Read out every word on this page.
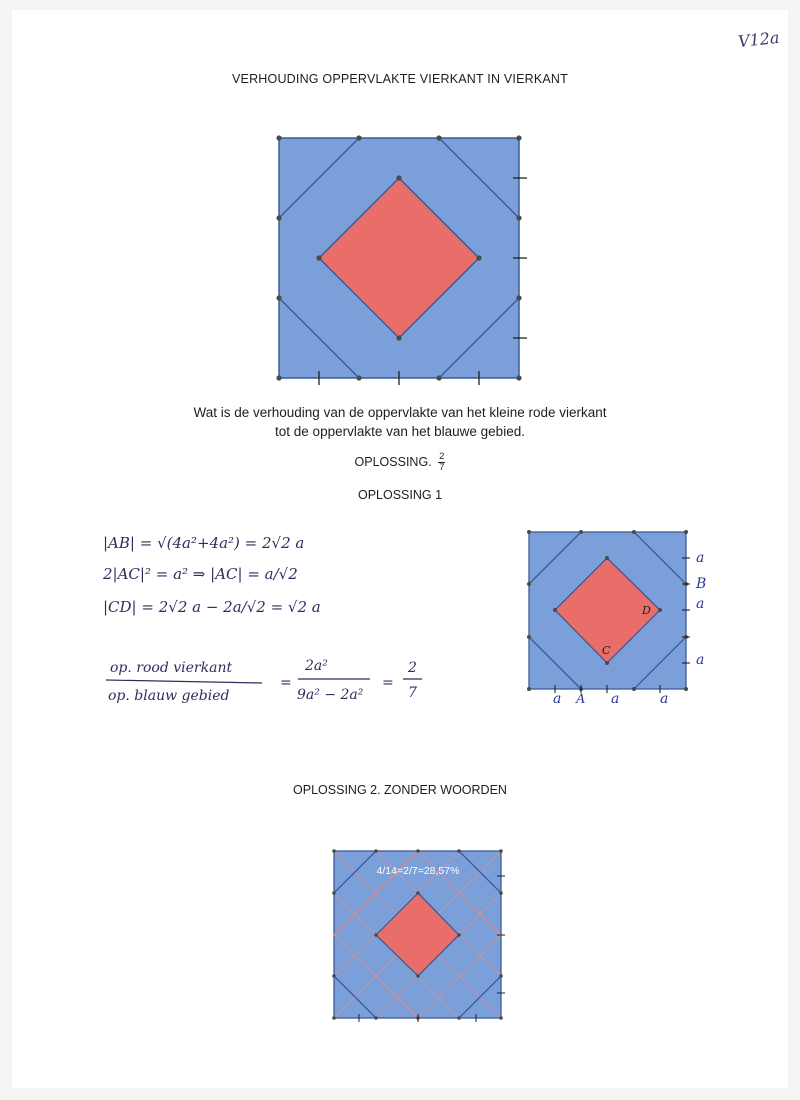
V12a
VERHOUDING OPPERVLAKTE VIERKANT IN VIERKANT
Wat is de verhouding van de oppervlakte van het kleine rode vierkant
tot de oppervlakte van het blauwe gebied.
OPLOSSING. $\frac{2}{7}$
OPLOSSING 1
|AB| = √(4a²+4a²) = 2√2 a
2|AC|² = a² ⇒ |AC| = a/√2
|CD| = 2√2 a − 2a/√2 = √2 a
op. rood vierkant
op. blauw gebied
=
2a²
9a² − 2a²
=
2
7
a
B
a
a
a A a	a
C
D
OPLOSSING 2. ZONDER WOORDEN
4/14=2/7=28,57%
